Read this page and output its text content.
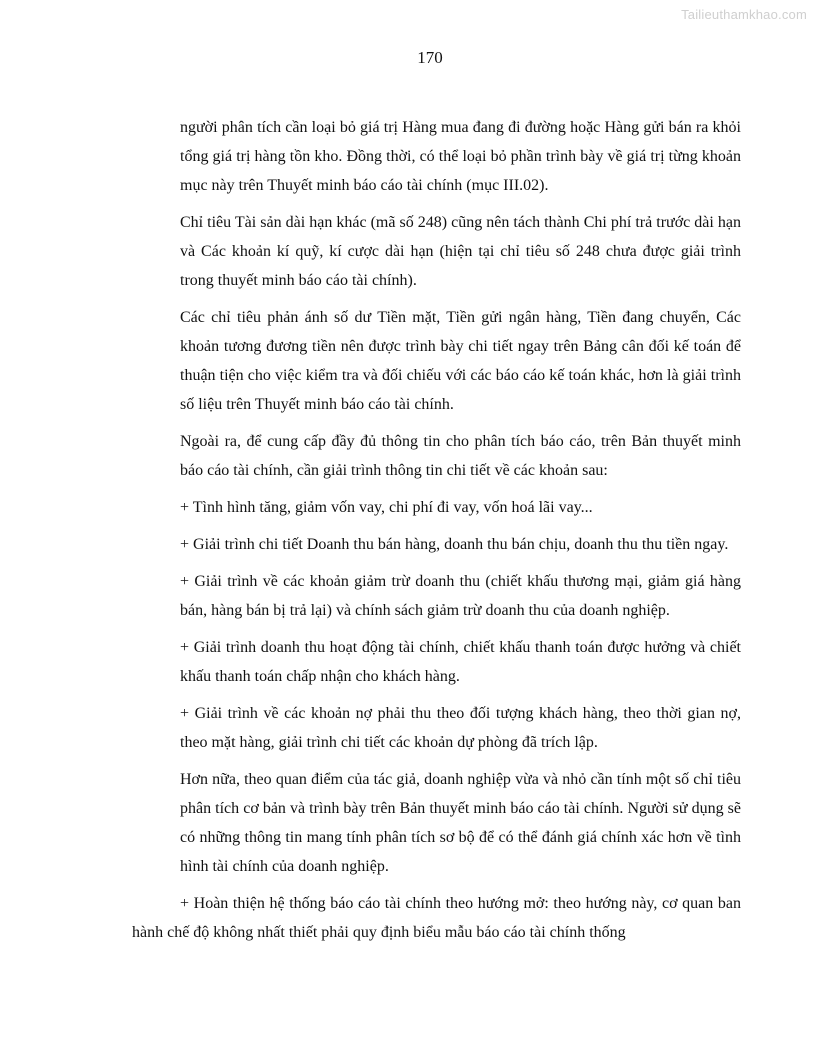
Tailieuthamkhao.com
170

người phân tích cần loại bỏ giá trị Hàng mua đang đi đường hoặc Hàng gửi bán ra khỏi tổng giá trị hàng tồn kho. Đồng thời, có thể loại bỏ phần trình bày về giá trị từng khoản mục này trên Thuyết minh báo cáo tài chính (mục III.02).

Chỉ tiêu Tài sản dài hạn khác (mã số 248) cũng nên tách thành Chi phí trả trước dài hạn và Các khoản kí quỹ, kí cược dài hạn (hiện tại chỉ tiêu số 248 chưa được giải trình trong thuyết minh báo cáo tài chính).

Các chỉ tiêu phản ánh số dư Tiền mặt, Tiền gửi ngân hàng, Tiền đang chuyển, Các khoản tương đương tiền nên được trình bày chi tiết ngay trên Bảng cân đối kế toán để thuận tiện cho việc kiểm tra và đối chiếu với các báo cáo kế toán khác, hơn là giải trình số liệu trên Thuyết minh báo cáo tài chính.

Ngoài ra, để cung cấp đầy đủ thông tin cho phân tích báo cáo, trên Bản thuyết minh báo cáo tài chính, cần giải trình thông tin chi tiết về các khoản sau:

+ Tình hình tăng, giảm vốn vay, chi phí đi vay, vốn hoá lãi vay...

+ Giải trình chi tiết Doanh thu bán hàng, doanh thu bán chịu, doanh thu thu tiền ngay.

+ Giải trình về các khoản giảm trừ doanh thu (chiết khấu thương mại, giảm giá hàng bán, hàng bán bị trả lại) và chính sách giảm trừ doanh thu của doanh nghiệp.

+ Giải trình doanh thu hoạt động tài chính, chiết khấu thanh toán được hưởng và chiết khấu thanh toán chấp nhận cho khách hàng.

+ Giải trình về các khoản nợ phải thu theo đối tượng khách hàng, theo thời gian nợ, theo mặt hàng, giải trình chi tiết các khoản dự phòng đã trích lập.

Hơn nữa, theo quan điểm của tác giả, doanh nghiệp vừa và nhỏ cần tính một số chỉ tiêu phân tích cơ bản và trình bày trên Bản thuyết minh báo cáo tài chính. Người sử dụng sẽ có những thông tin mang tính phân tích sơ bộ để có thể đánh giá chính xác hơn về tình hình tài chính của doanh nghiệp.

+ Hoàn thiện hệ thống báo cáo tài chính theo hướng mở: theo hướng này, cơ quan ban hành chế độ không nhất thiết phải quy định biểu mẫu báo cáo tài chính thống
